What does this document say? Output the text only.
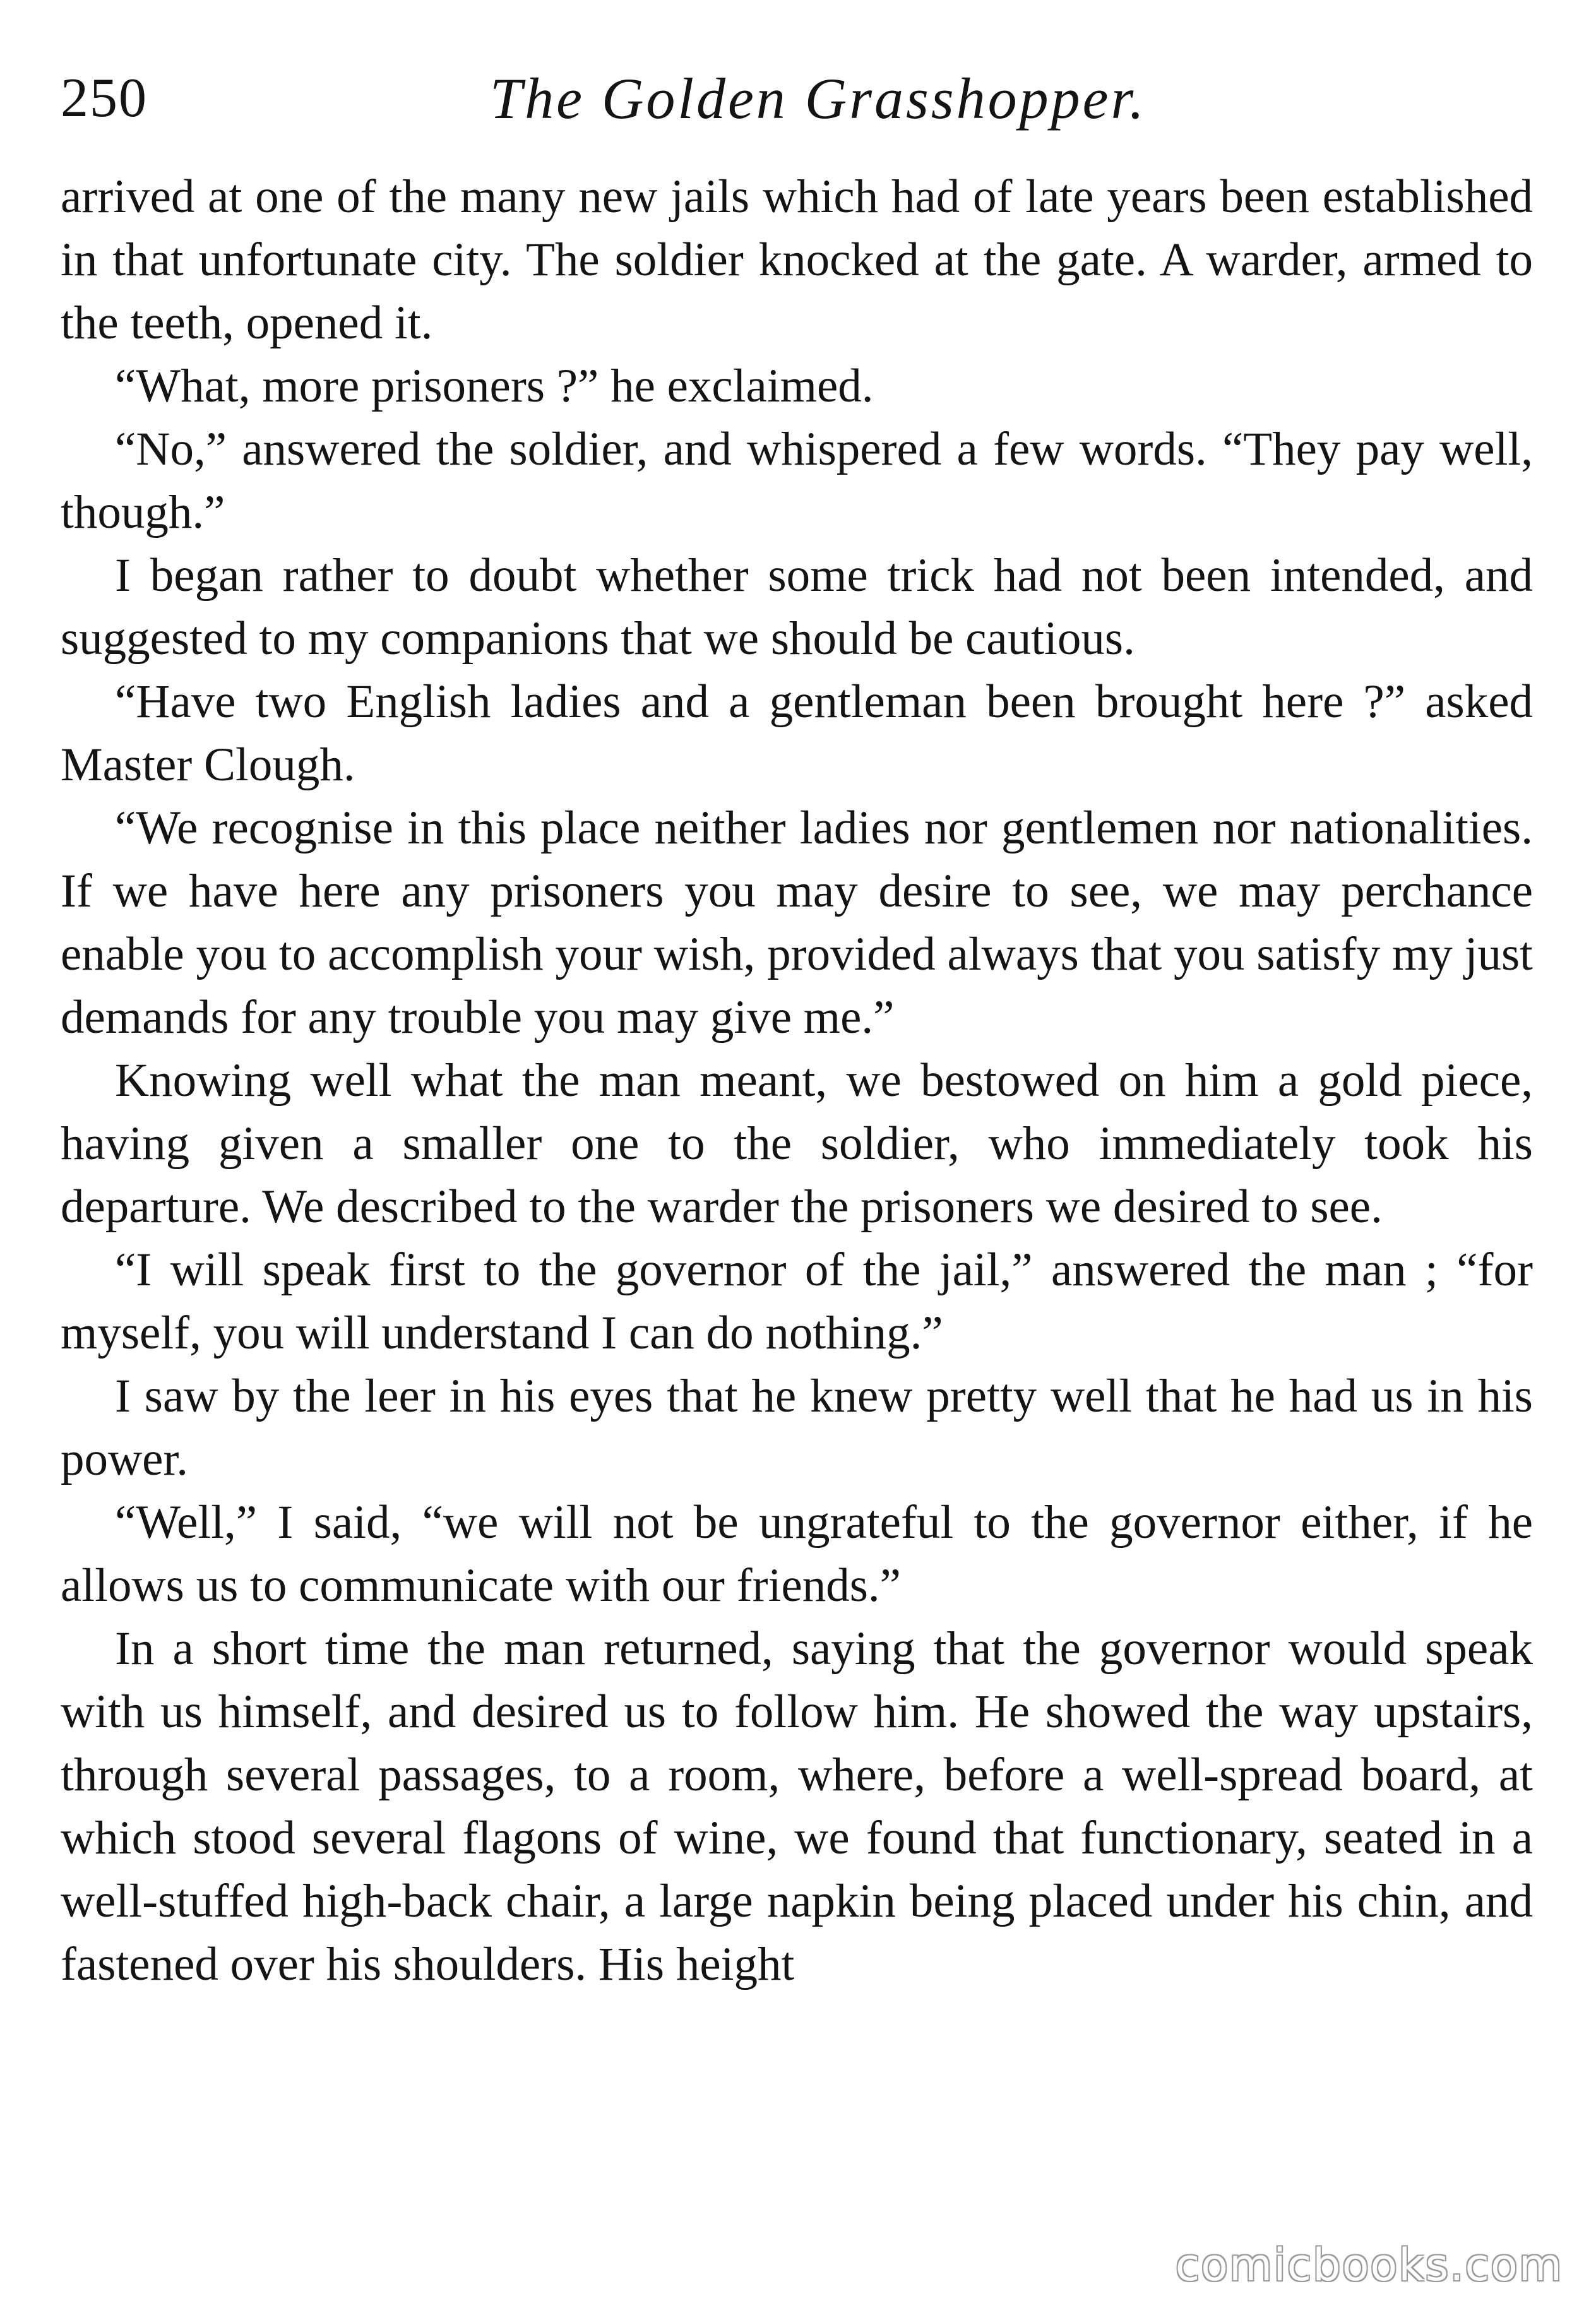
250	The Golden Grasshopper.

arrived at one of the many new jails which had of late years been established in that unfortunate city. The soldier knocked at the gate. A warder, armed to the teeth, opened it.

“What, more prisoners ?” he exclaimed.

“No,” answered the soldier, and whispered a few words. “They pay well, though.”

I began rather to doubt whether some trick had not been intended, and suggested to my companions that we should be cautious.

“Have two English ladies and a gentleman been brought here ?” asked Master Clough.

“We recognise in this place neither ladies nor gentlemen nor nationalities. If we have here any prisoners you may desire to see, we may perchance enable you to accomplish your wish, provided always that you satisfy my just demands for any trouble you may give me.”

Knowing well what the man meant, we bestowed on him a gold piece, having given a smaller one to the soldier, who immediately took his departure. We described to the warder the prisoners we desired to see.

“I will speak first to the governor of the jail,” answered the man ; “for myself, you will understand I can do nothing.”

I saw by the leer in his eyes that he knew pretty well that he had us in his power.

“Well,” I said, “we will not be ungrateful to the governor either, if he allows us to communicate with our friends.”

In a short time the man returned, saying that the governor would speak with us himself, and desired us to follow him. He showed the way upstairs, through several passages, to a room, where, before a well-spread board, at which stood several flagons of wine, we found that functionary, seated in a well-stuffed high-back chair, a large napkin being placed under his chin, and fastened over his shoulders. His height

comicbooks.com
